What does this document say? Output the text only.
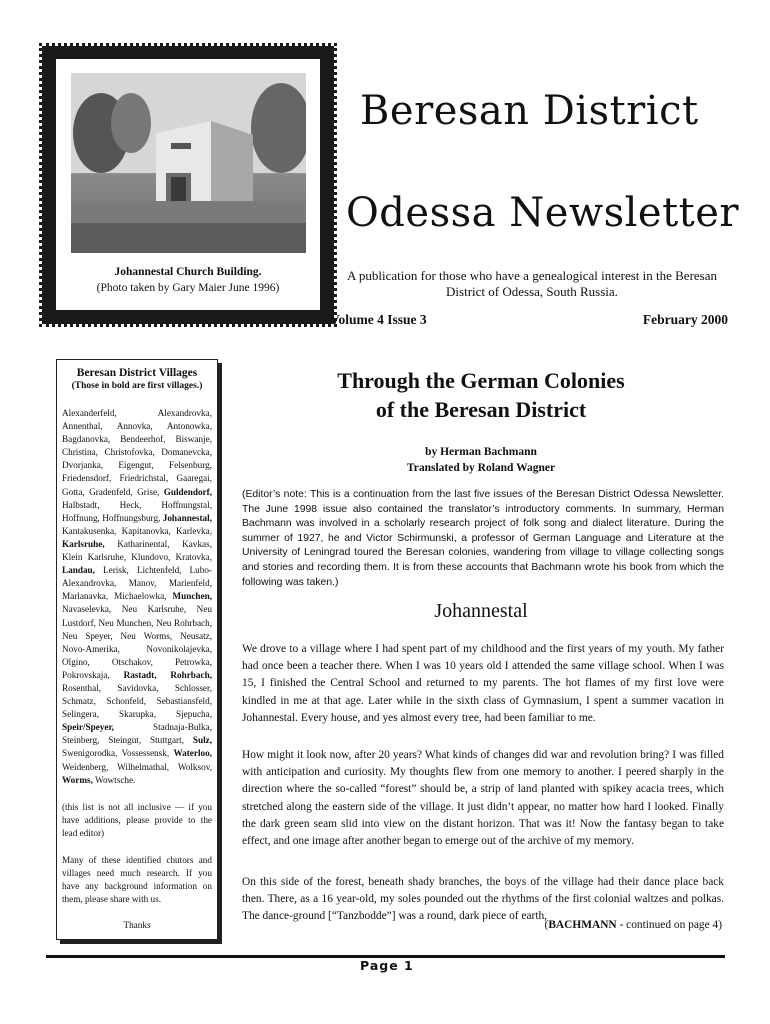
Johannestal Church Building.
(Photo taken by Gary Maier June 1996)
Beresan District
Odessa Newsletter
A publication for those who have a genealogical interest in the Beresan District of Odessa, South Russia.
Volume 4 Issue 3	February 2000
Beresan District Villages
(Those in bold are first villages.)
Alexanderfeld, Alexandrovka, Annenthal, Annovka, Antonowka, Bagdanovka, Bendeerhof, Biswanje, Christina, Christofovka, Domanevcka, Dvorjanka, Eigengut, Felsenburg, Friedensdorf, Friedrichstal, Gaaregai, Gotta, Gradenfeld, Grise, Guldendorf, Halbstadt, Heck, Hoffnungstal, Hoffnung, Hoffnungsburg, Johannestal, Kantakusenka, Kapitanovka, Karlevka, Karlsruhe, Katharinental, Kavkas, Klein Karlsruhe, Klundovo, Kratovka, Landau, Lerisk, Lichtenfeld, Lubo-Alexandrovka, Manov, Marienfeld, Marlanavka, Michaelowka, Munchen, Navaselevka, Neu Karlsruhe, Neu Lustdorf, Neu Munchen, Neu Rohrbach, Neu Speyer, Neu Worms, Neusatz, Novo-Amerika, Novonikolajevka, Olgino, Otschakov, Petrowka, Pokrovskaja, Rastadt, Rohrbach, Rosenthal, Savidovka, Schlosser, Schmatz, Schonfeld, Sebastiansfeld, Selingera, Skarupka, Sjepucha, Speir/Speyer, Stadnaja-Bulka, Steinberg, Steingut, Stuttgart, Sulz, Swenigorodka, Vossessensk, Waterloo, Weidenberg, Wilhelmathal, Wolksov, Worms, Wowtsche.
(this list is not all inclusive — if you have additions, please provide to the lead editor)
Many of these identified chutors and villages need much research. If you have any background information on them, please share with us.
Thanks
Through the German Colonies
of the Beresan District
by Herman Bachmann
Translated by Roland Wagner
(Editor’s note: This is a continuation from the last five issues of the Beresan District Odessa Newsletter. The June 1998 issue also contained the translator’s introductory comments. In summary, Herman Bachmann was involved in a scholarly research project of folk song and dialect literature. During the summer of 1927, he and Victor Schirmunski, a professor of German Language and Literature at the University of Leningrad toured the Beresan colonies, wandering from village to village collecting songs and stories and recording them. It is from these accounts that Bachmann wrote his book from which the following was taken.)
Johannestal
We drove to a village where I had spent part of my childhood and the first years of my youth. My father had once been a teacher there. When I was 10 years old I attended the same village school. When I was 15, I finished the Central School and returned to my parents. The hot flames of my first love were kindled in me at that age. Later while in the sixth class of Gymnasium, I spent a summer vacation in Johannestal. Every house, and yes almost every tree, had been familiar to me.
How might it look now, after 20 years? What kinds of changes did war and revolution bring? I was filled with anticipation and curiosity. My thoughts flew from one memory to another. I peered sharply in the direction where the so-called “forest” should be, a strip of land planted with spikey acacia trees, which stretched along the eastern side of the village. It just didn’t appear, no matter how hard I looked. Finally the dark green seam slid into view on the distant horizon. That was it! Now the fantasy began to take effect, and one image after another began to emerge out of the archive of my memory.
On this side of the forest, beneath shady branches, the boys of the village had their dance place back then. There, as a 16 year-old, my soles pounded out the rhythms of the first colonial waltzes and polkas. The dance-ground [“Tanzbodde”] was a round, dark piece of earth,
(BACHMANN - continued on page 4)
Page 1
